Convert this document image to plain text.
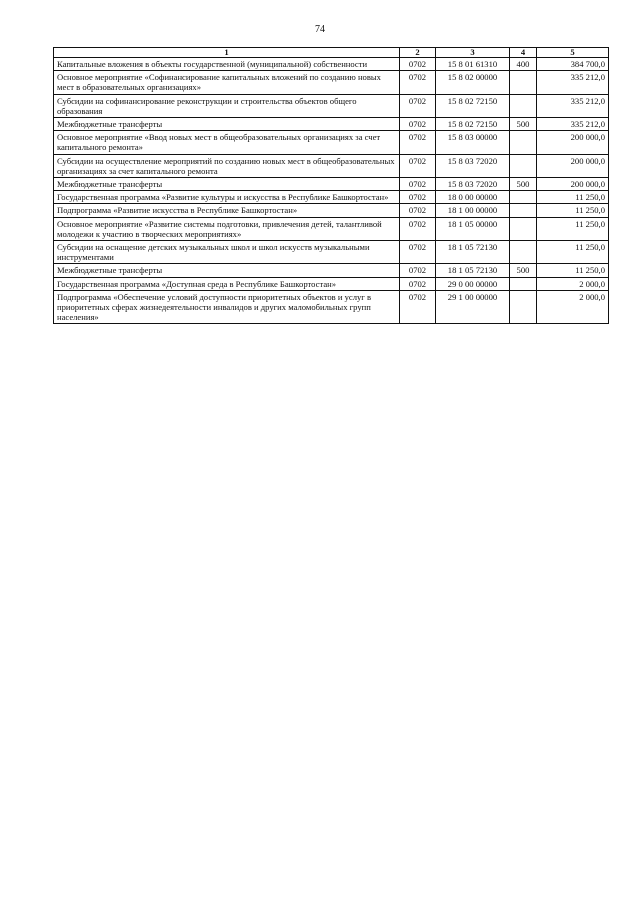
74
1	2	3	4	5
Капитальные вложения в объекты государственной (муниципальной) собственности	0702	15 8 01 61310	400	384 700,0
Основное мероприятие «Софинансирование капитальных вложений по созданию новых мест в образовательных организациях»	0702	15 8 02 00000		335 212,0
Субсидии на софинансирование реконструкции и строительства объектов общего образования	0702	15 8 02 72150		335 212,0
Межбюджетные трансферты	0702	15 8 02 72150	500	335 212,0
Основное мероприятие «Ввод новых мест в общеобразовательных организациях за счет капитального ремонта»	0702	15 8 03 00000		200 000,0
Субсидии на осуществление мероприятий по созданию новых мест в общеобразовательных организациях за счет капитального ремонта	0702	15 8 03 72020		200 000,0
Межбюджетные трансферты	0702	15 8 03 72020	500	200 000,0
Государственная программа «Развитие культуры и искусства в Республике Башкортостан»	0702	18 0 00 00000		11 250,0
Подпрограмма «Развитие искусства в Республике Башкортостан»	0702	18 1 00 00000		11 250,0
Основное мероприятие «Развитие системы подготовки, привлечения детей, талантливой молодежи к участию в творческих мероприятиях»	0702	18 1 05 00000		11 250,0
Субсидии на оснащение детских музыкальных школ и школ искусств музыкальными инструментами	0702	18 1 05 72130		11 250,0
Межбюджетные трансферты	0702	18 1 05 72130	500	11 250,0
Государственная программа «Доступная среда в Республике Башкортостан»	0702	29 0 00 00000		2 000,0
Подпрограмма «Обеспечение условий доступности приоритетных объектов и услуг в приоритетных сферах жизнедеятельности инвалидов и других маломобильных групп населения»	0702	29 1 00 00000		2 000,0
